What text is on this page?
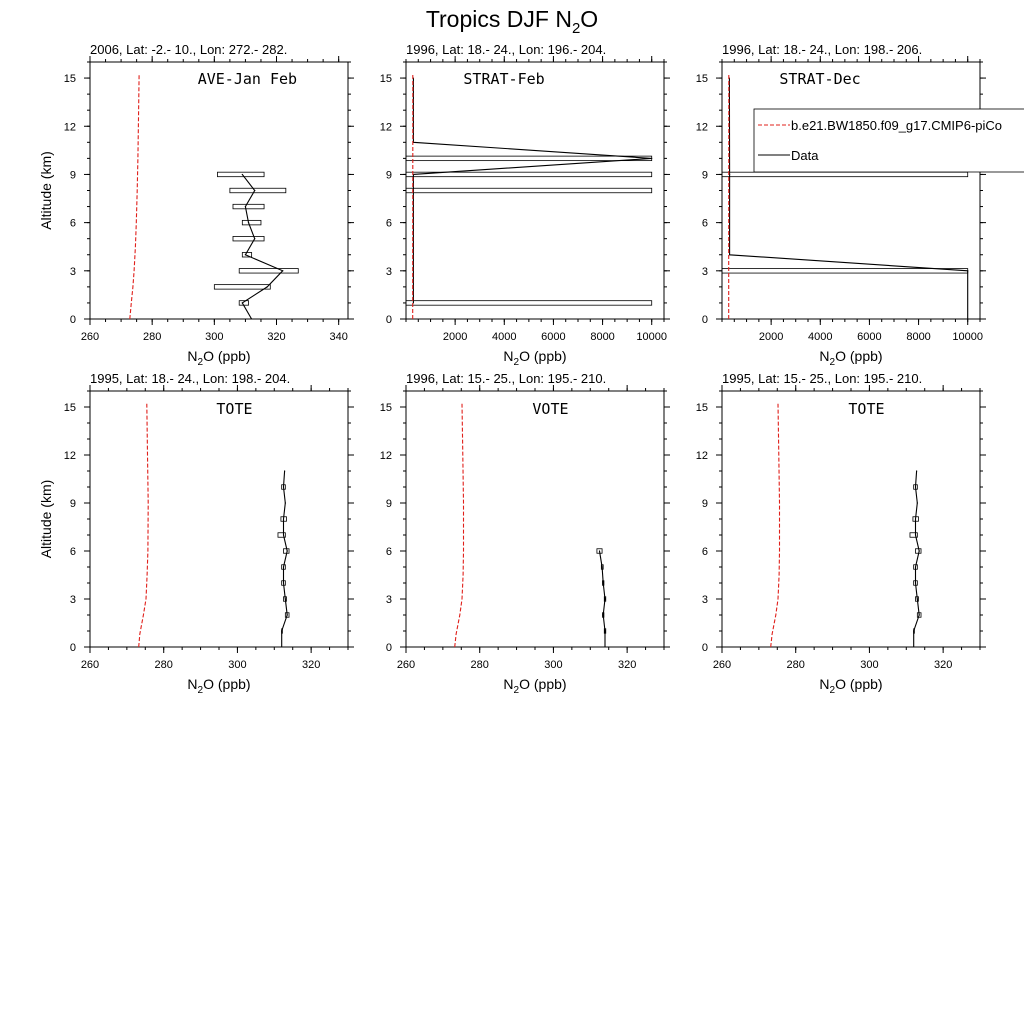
Tropics DJF $N_2O$
2006, Lat: -2.- 10., Lon: 272.- 282.
AVE-Jan Feb
260	280	300	320	340
0
3
6
9
12
15
$N_2O$ (ppb)
Altitude (km)
1996, Lat: 18.- 24., Lon: 196.- 204.
STRAT-Feb
2000 4000 6000 8000 10000
0
3
6
9
12
15
$N_2O$ (ppb)
1996, Lat: 18.- 24., Lon: 198.- 206.
STRAT-Dec
2000 4000 6000 8000 10000
0
3
6
9
12
15
$N_2O$ (ppb)
1995, Lat: 18.- 24., Lon: 198.- 204.
TOTE
260	280	300	320
0
3
6
9
12
15
$N_2O$ (ppb)
Altitude (km)
1996, Lat: 15.- 25., Lon: 195.- 210.
VOTE
260	280	300	320
0
3
6
9
12
15
$N_2O$ (ppb)
1995, Lat: 15.- 25., Lon: 195.- 210.
TOTE
260	280	300	320
0
3
6
9
12
15
$N_2O$ (ppb)
b.e21.BW1850.f09_g17.CMIP6-piCo
Data
